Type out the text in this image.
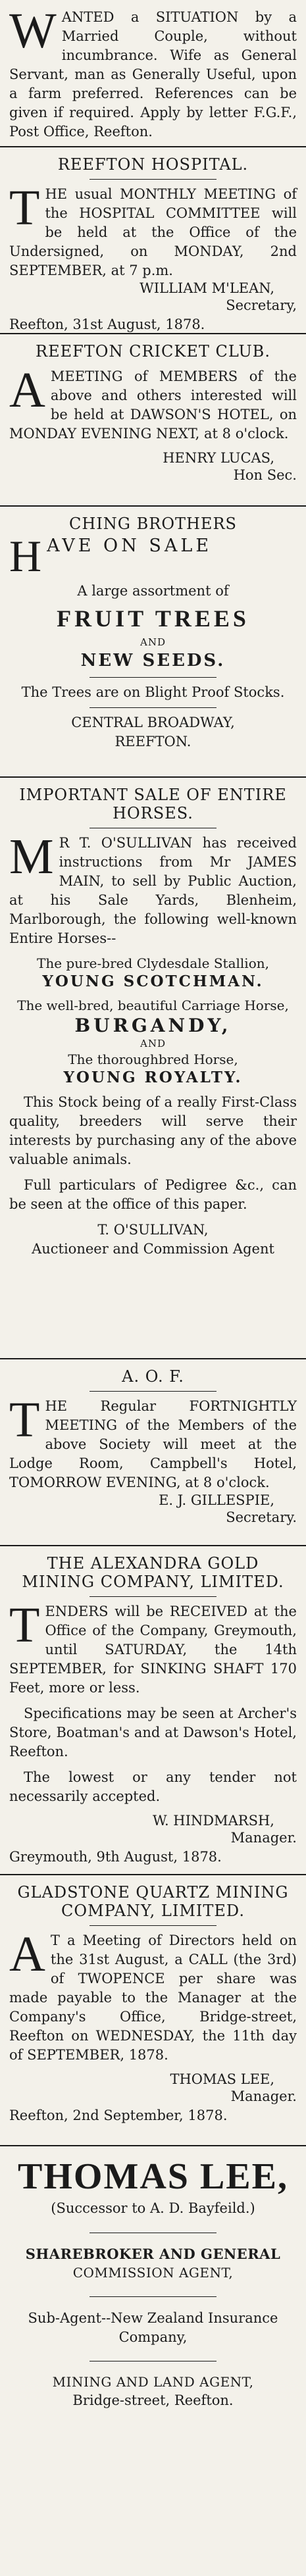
WANTED a SITUATION by a Married Couple, without incumbrance. Wife as General Servant, man as Generally Useful, upon a farm preferred. References can be given if required. Apply by letter F.G.F., Post Office, Reefton.
REEFTON HOSPITAL.
THE usual MONTHLY MEETING of the HOSPITAL COMMITTEE will be held at the Office of the Undersigned, on MONDAY, 2nd SEPTEMBER, at 7 p.m.
WILLIAM M'LEAN,
Secretary,
Reefton, 31st August, 1878.
REEFTON CRICKET CLUB.
AMEETING of MEMBERS of the above and others interested will be held at DAWSON'S HOTEL, on MONDAY EVENING NEXT, at 8 o'clock.
HENRY LUCAS,
Hon Sec.
CHING BROTHERS
HAVE ON SALE
A large assortment of
FRUIT TREES
AND
NEW SEEDS.
The Trees are on Blight Proof Stocks.
CENTRAL BROADWAY,
REEFTON.
IMPORTANT SALE OF ENTIRE
HORSES.
M R T. O'SULLIVAN has received instructions from Mr JAMES MAIN, to sell by Public Auction, at his Sale Yards, Blenheim, Marlborough, the following well-known Entire Horses--
The pure-bred Clydesdale Stallion,
YOUNG SCOTCHMAN.
The well-bred, beautiful Carriage Horse,
BURGANDY,
AND
The thoroughbred Horse,
YOUNG ROYALTY.
This Stock being of a really First-Class quality, breeders will serve their interests by purchasing any of the above valuable animals.
Full particulars of Pedigree &c., can be seen at the office of this paper.
T. O'SULLIVAN,
Auctioneer and Commission Agent
A. O. F.
THE Regular FORTNIGHTLY MEETING of the Members of the above Society will meet at the Lodge Room, Campbell's Hotel, TOMORROW EVENING, at 8 o'clock.
E. J. GILLESPIE,
Secretary.
THE ALEXANDRA GOLD MINING COMPANY, LIMITED.
TENDERS will be RECEIVED at the Office of the Company, Greymouth, until SATURDAY, the 14th SEPTEMBER, for SINKING SHAFT 170 Feet, more or less.
Specifications may be seen at Archer's Store, Boatman's and at Dawson's Hotel, Reefton.
The lowest or any tender not necessarily accepted.
W. HINDMARSH,
Manager.
Greymouth, 9th August, 1878.
GLADSTONE QUARTZ MINING COMPANY, LIMITED.
A T a Meeting of Directors held on the 31st August, a CALL (the 3rd) of TWOPENCE per share was made payable to the Manager at the Company's Office, Bridge-street, Reefton on WEDNESDAY, the 11th day of SEPTEMBER, 1878.
THOMAS LEE,
Manager.
Reefton, 2nd September, 1878.
THOMAS LEE,
(Successor to A. D. Bayfeild.)
SHAREBROKER AND GENERAL
COMMISSION AGENT,
Sub-Agent--New Zealand Insurance
Company,
MINING AND LAND AGENT,
Bridge-street, Reefton.
